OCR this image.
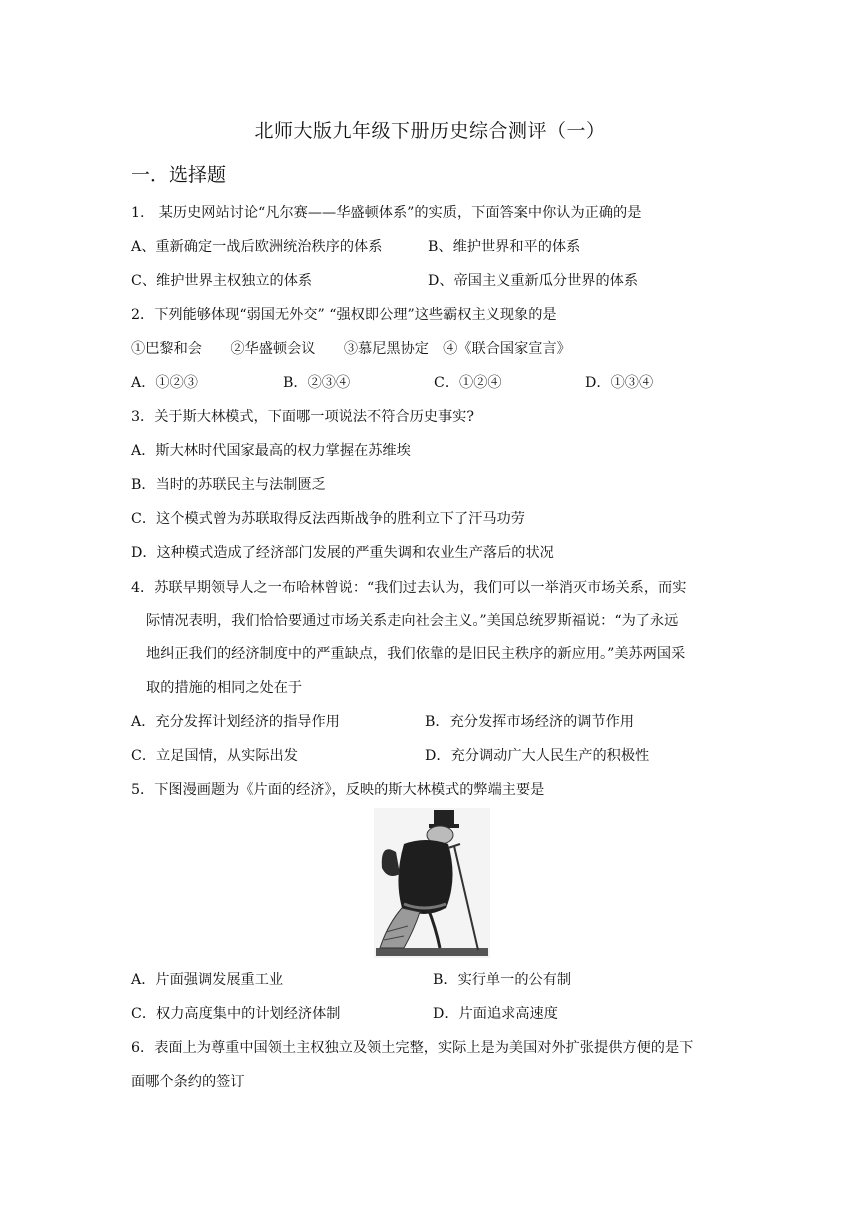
北师大版九年级下册历史综合测评（一）
一．选择题
1.　某历史网站讨论“凡尔赛——华盛顿体系”的实质，下面答案中你认为正确的是
A、重新确定一战后欧洲统治秩序的体系	B、维护世界和平的体系
C、维护世界主权独立的体系	D、帝国主义重新瓜分世界的体系
2．下列能够体现“弱国无外交” “强权即公理”这些霸权主义现象的是
①巴黎和会　　②华盛顿会议　　③慕尼黑协定　④《联合国家宣言》
A．①②③	B．②③④	C．①②④	D．①③④
3．关于斯大林模式，下面哪一项说法不符合历史事实?
A．斯大林时代国家最高的权力掌握在苏维埃
B．当时的苏联民主与法制匮乏
C．这个模式曾为苏联取得反法西斯战争的胜利立下了汗马功劳
D．这种模式造成了经济部门发展的严重失调和农业生产落后的状况
4．苏联早期领导人之一布哈林曾说：“我们过去认为，我们可以一举消灭市场关系，而实
际情况表明，我们恰恰要通过市场关系走向社会主义。”美国总统罗斯福说：“为了永远
地纠正我们的经济制度中的严重缺点，我们依靠的是旧民主秩序的新应用。”美苏两国采
取的措施的相同之处在于
A．充分发挥计划经济的指导作用	B．充分发挥市场经济的调节作用
C．立足国情，从实际出发	D．充分调动广大人民生产的积极性
5．下图漫画题为《片面的经济》，反映的斯大林模式的弊端主要是
A．片面强调发展重工业	B．实行单一的公有制
C．权力高度集中的计划经济体制	D．片面追求高速度
6．表面上为尊重中国领土主权独立及领土完整，实际上是为美国对外扩张提供方便的是下
面哪个条约的签订
